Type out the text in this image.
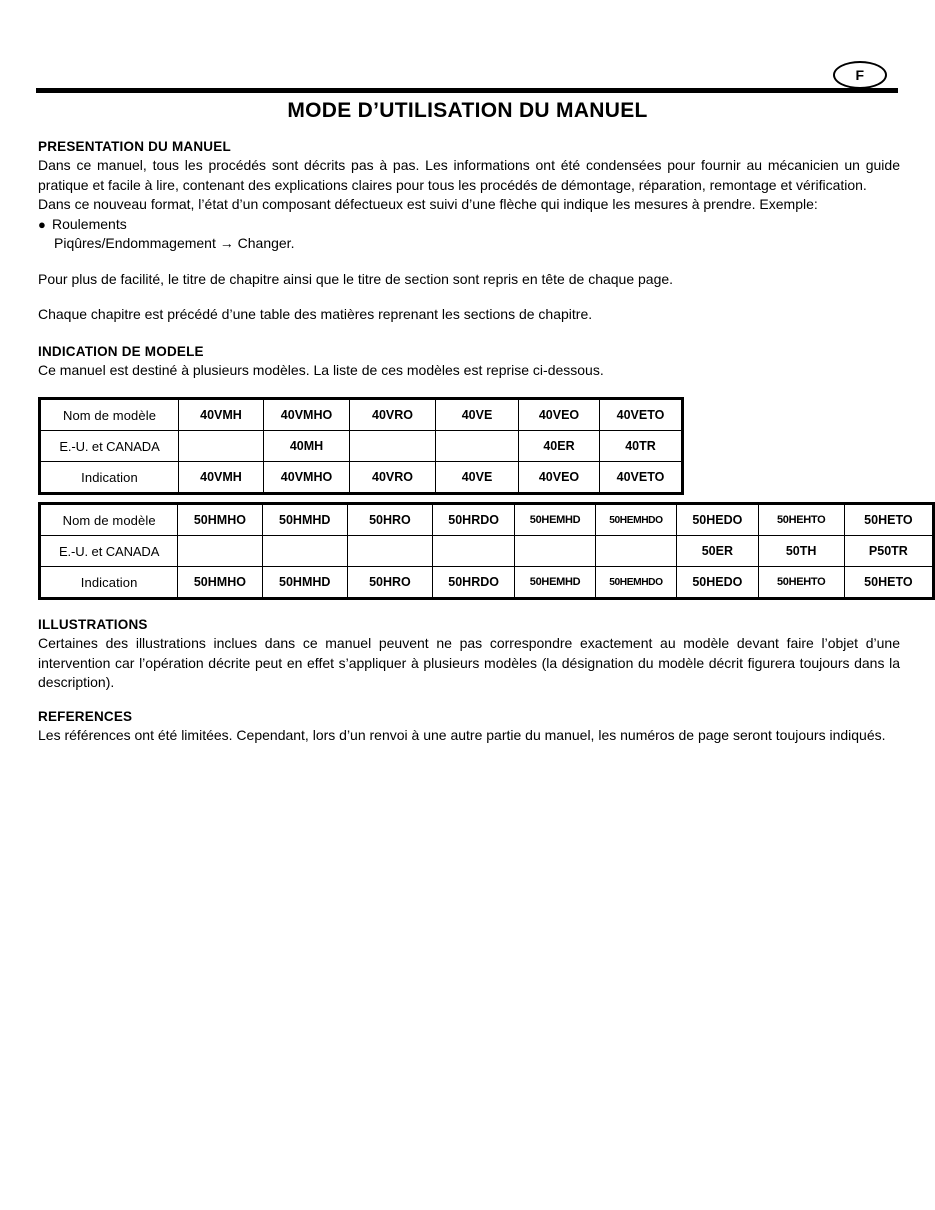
F
MODE D’UTILISATION DU MANUEL
PRESENTATION DU MANUEL

Dans ce manuel, tous les procédés sont décrits pas à pas. Les informations ont été condensées pour fournir au mécanicien un guide pratique et facile à lire, contenant des explications claires pour tous les procédés de démontage, réparation, remontage et vérification.

Dans ce nouveau format, l’état d’un composant défectueux est suivi d’une flèche qui indique les mesures à prendre. Exemple:

● Roulements
Piqûres/Endommagement → Changer.

Pour plus de facilité, le titre de chapitre ainsi que le titre de section sont repris en tête de chaque page.

Chaque chapitre est précédé d’une table des matières reprenant les sections de chapitre.

INDICATION DE MODELE

Ce manuel est destiné à plusieurs modèles. La liste de ces modèles est reprise ci-dessous.

Nom de modèle	40VMH	40VMHO	40VRO	40VE	40VEO	40VETO
E.-U. et CANADA		40MH			40ER	40TR
Indication	40VMH	40VMHO	40VRO	40VE	40VEO	40VETO
Nom de modèle	50HMHO	50HMHD	50HRO	50HRDO	50HEMHD	50HEMHDO	50HEDO	50HEHTO	50HETO
E.-U. et CANADA							50ER	50TH	P50TR
Indication	50HMHO	50HMHD	50HRO	50HRDO	50HEMHD	50HEMHDO	50HEDO	50HEHTO	50HETO
ILLUSTRATIONS

Certaines des illustrations inclues dans ce manuel peuvent ne pas correspondre exactement au modèle devant faire l’objet d’une intervention car l’opération décrite peut en effet s’appliquer à plusieurs modèles (la désignation du modèle décrit figurera toujours dans la description).

REFERENCES

Les références ont été limitées. Cependant, lors d’un renvoi à une autre partie du manuel, les numéros de page seront toujours indiqués.
